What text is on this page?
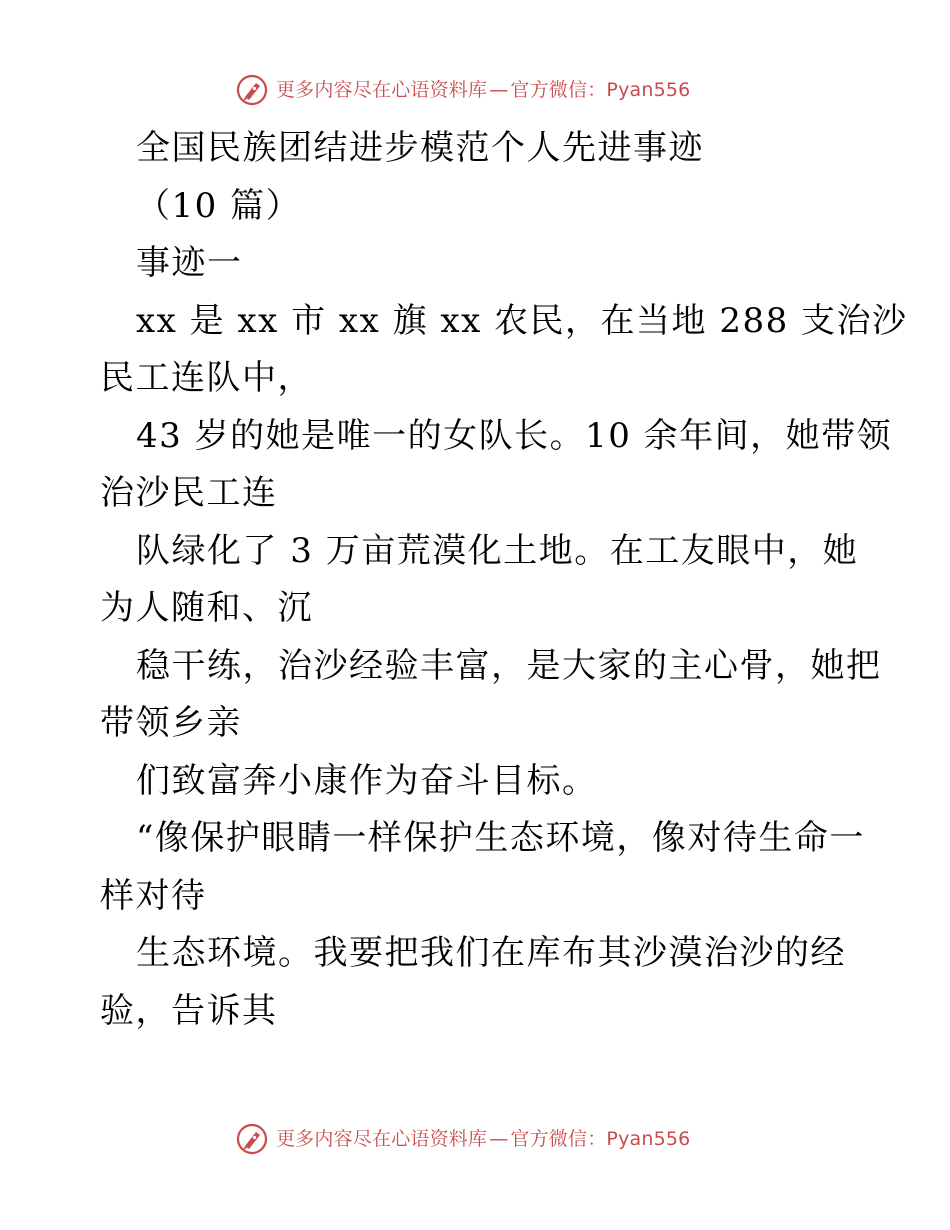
更多内容尽在心语资料库 — 官方微信：Pyan556
全国民族团结进步模范个人先进事迹
（10 篇）
事迹一
xx 是 xx 市 xx 旗 xx 农民，在当地 288 支治沙
民工连队中，
43 岁的她是唯一的女队长。10 余年间，她带领
治沙民工连
队绿化了 3 万亩荒漠化土地。在工友眼中，她
为人随和、沉
稳干练，治沙经验丰富，是大家的主心骨，她把
带领乡亲
们致富奔小康作为奋斗目标。
“像保护眼睛一样保护生态环境，像对待生命一
样对待
生态环境。我要把我们在库布其沙漠治沙的经
验，告诉其
更多内容尽在心语资料库 — 官方微信：Pyan556
